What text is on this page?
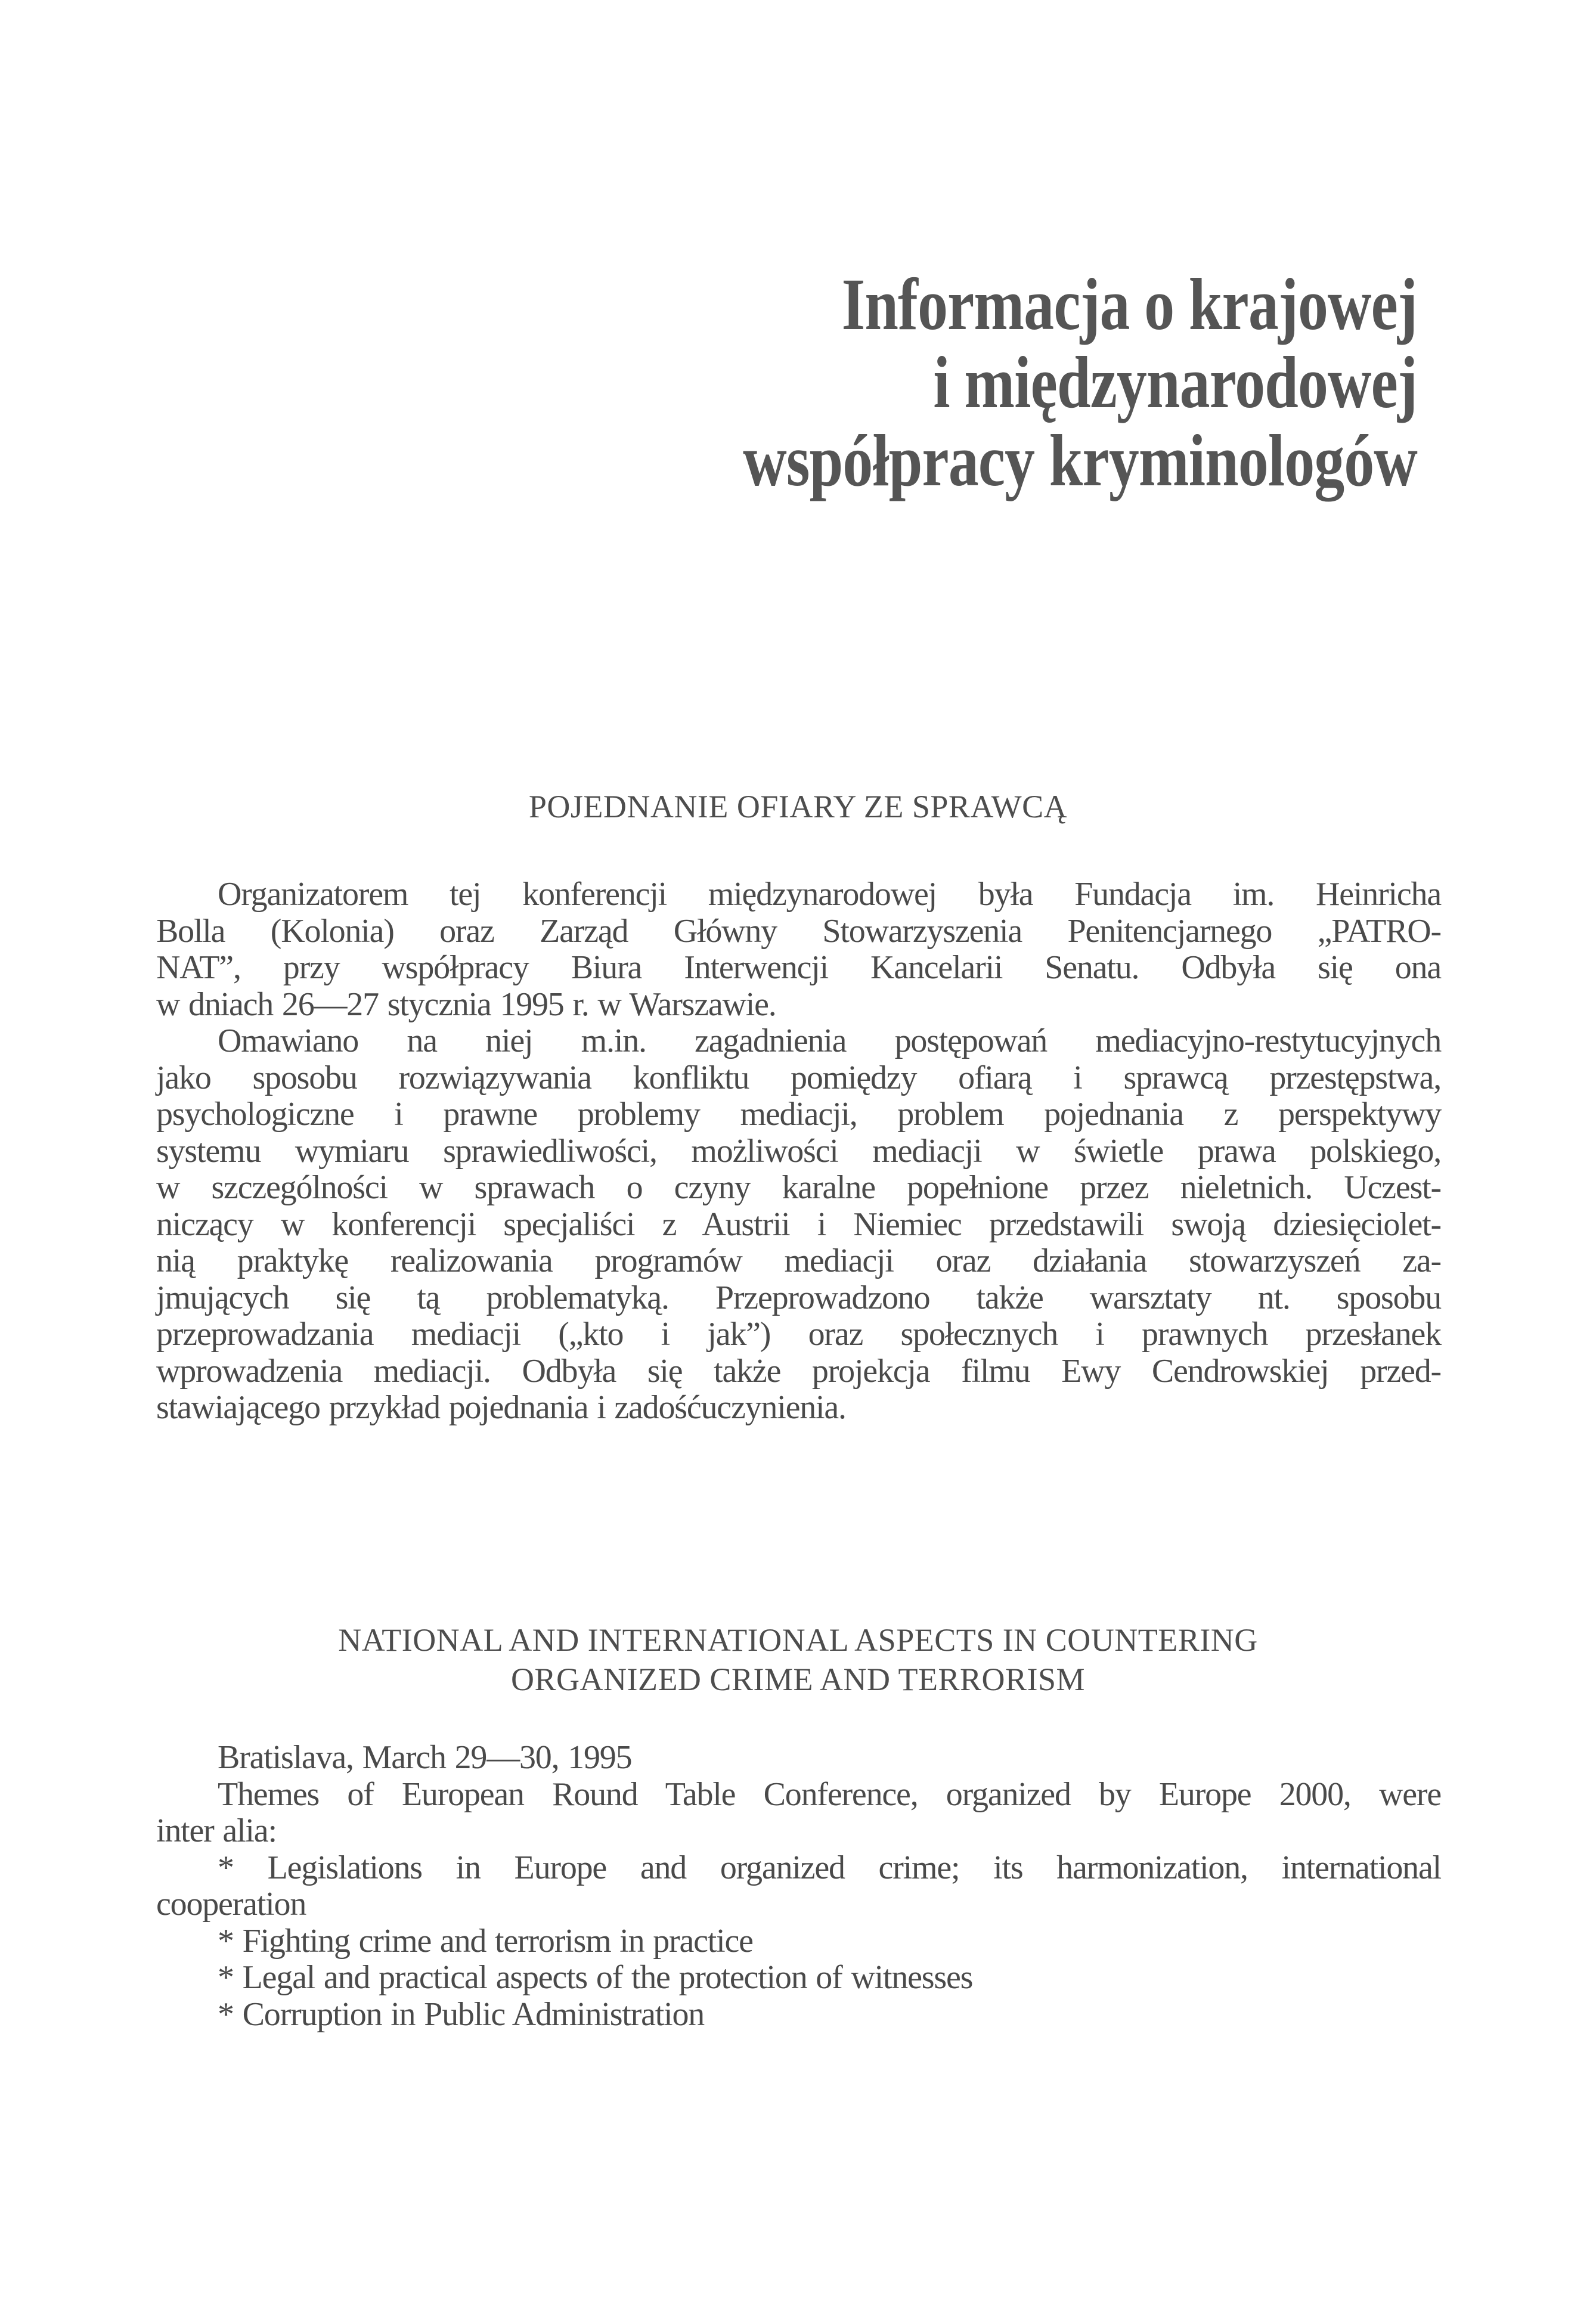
Informacja o krajowej
i międzynarodowej
współpracy kryminologów
POJEDNANIE OFIARY ZE SPRAWCĄ
Organizatorem tej konferencji międzynarodowej była Fundacja im. Heinricha
Bolla (Kolonia) oraz Zarząd Główny Stowarzyszenia Penitencjarnego „PATRO-
NAT”, przy współpracy Biura Interwencji Kancelarii Senatu. Odbyła się ona
w dniach 26—27 stycznia 1995 r. w Warszawie.
Omawiano na niej m.in. zagadnienia postępowań mediacyjno-restytucyjnych
jako sposobu rozwiązywania konfliktu pomiędzy ofiarą i sprawcą przestępstwa,
psychologiczne i prawne problemy mediacji, problem pojednania z perspektywy
systemu wymiaru sprawiedliwości, możliwości mediacji w świetle prawa polskiego,
w szczególności w sprawach o czyny karalne popełnione przez nieletnich. Uczest-
niczący w konferencji specjaliści z Austrii i Niemiec przedstawili swoją dziesięciolet-
nią praktykę realizowania programów mediacji oraz działania stowarzyszeń za-
jmujących się tą problematyką. Przeprowadzono także warsztaty nt. sposobu
przeprowadzania mediacji („kto i jak”) oraz społecznych i prawnych przesłanek
wprowadzenia mediacji. Odbyła się także projekcja filmu Ewy Cendrowskiej przed-
stawiającego przykład pojednania i zadośćuczynienia.
NATIONAL AND INTERNATIONAL ASPECTS IN COUNTERING
ORGANIZED CRIME AND TERRORISM
Bratislava, March 29—30, 1995
Themes of European Round Table Conference, organized by Europe 2000, were
inter alia:
* Legislations in Europe and organized crime; its harmonization, international
cooperation
* Fighting crime and terrorism in practice
* Legal and practical aspects of the protection of witnesses
* Corruption in Public Administration
